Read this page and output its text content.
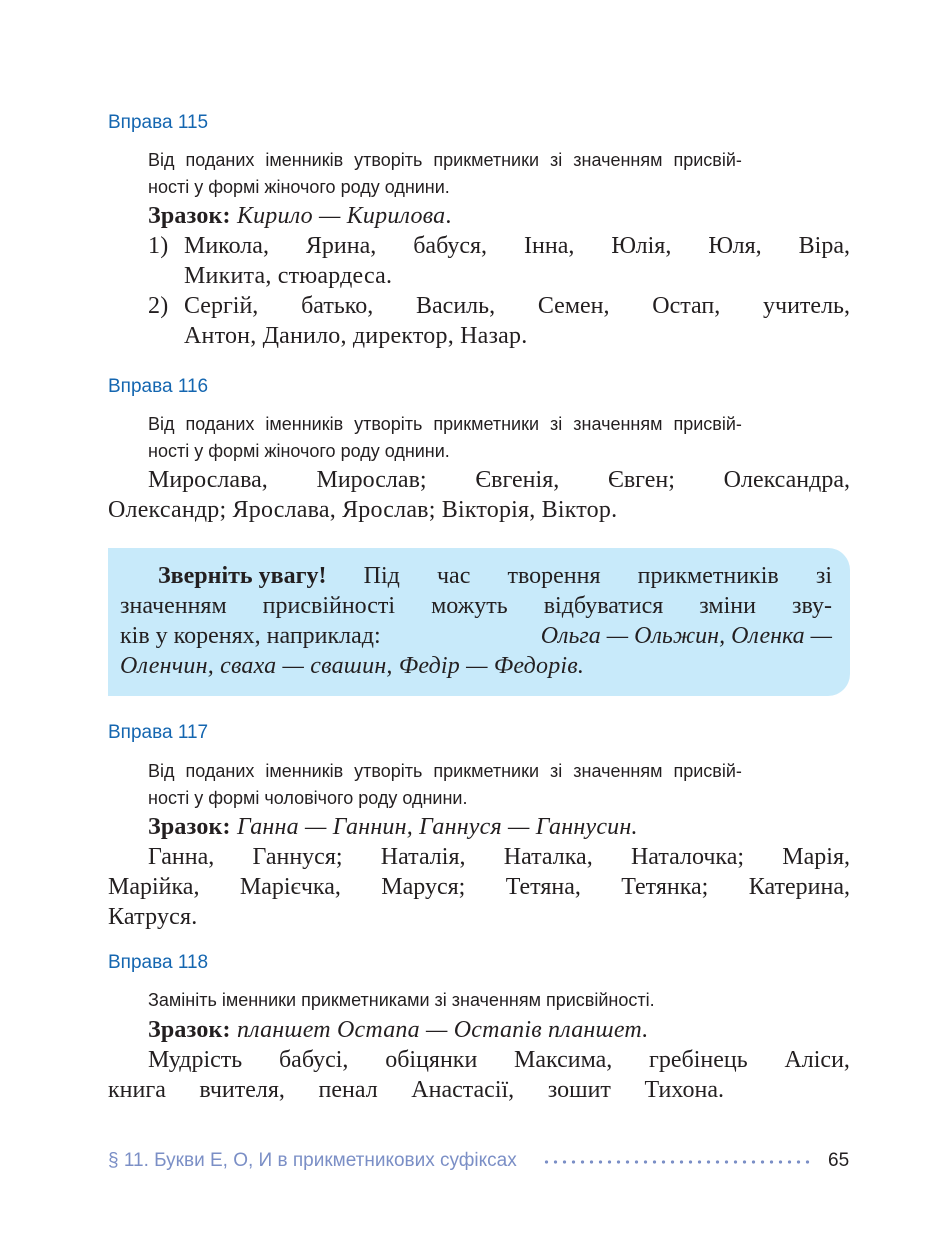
Вправа 115
Від поданих іменників утворіть прикметники зі значенням присвій-
ності у формі жіночого роду однини.
Зразок: Кирило — Кирилова.
1) Микола, Ярина, бабуся, Інна, Юлія, Юля, Віра,
Микита, стюардеса.
2) Сергій, батько, Василь, Семен, Остап, учитель,
Антон, Данило, директор, Назар.
Вправа 116
Від поданих іменників утворіть прикметники зі значенням присвій-
ності у формі жіночого роду однини.
Мирослава, Мирослав; Євгенія, Євген; Олександра,
Олександр; Ярослава, Ярослав; Вікторія, Віктор.
Зверніть увагу! Під час творення прикметників зі
значенням присвійності можуть відбуватися зміни зву-
ків у коренях, наприклад:	Ольга — Ольжин, Оленка —
Оленчин, сваха — свашин, Федір — Федорів.
Вправа 117
Від поданих іменників утворіть прикметники зі значенням присвій-
ності у формі чоловічого роду однини.
Зразок: Ганна — Ганнин, Ганнуся — Ганнусин.
Ганна, Ганнуся; Наталія, Наталка, Наталочка; Марія,
Марійка, Марієчка, Маруся; Тетяна, Тетянка; Катерина,
Катруся.
Вправа 118
Замініть іменники прикметниками зі значенням присвійності.
Зразок: планшет Остапа — Остапів планшет.
Мудрість бабусі, обіцянки Максима, гребінець Аліси,
книга вчителя, пенал Анастасії, зошит Тихона.
§ 11. Букви Е, О, И в прикметникових суфіксах	65
